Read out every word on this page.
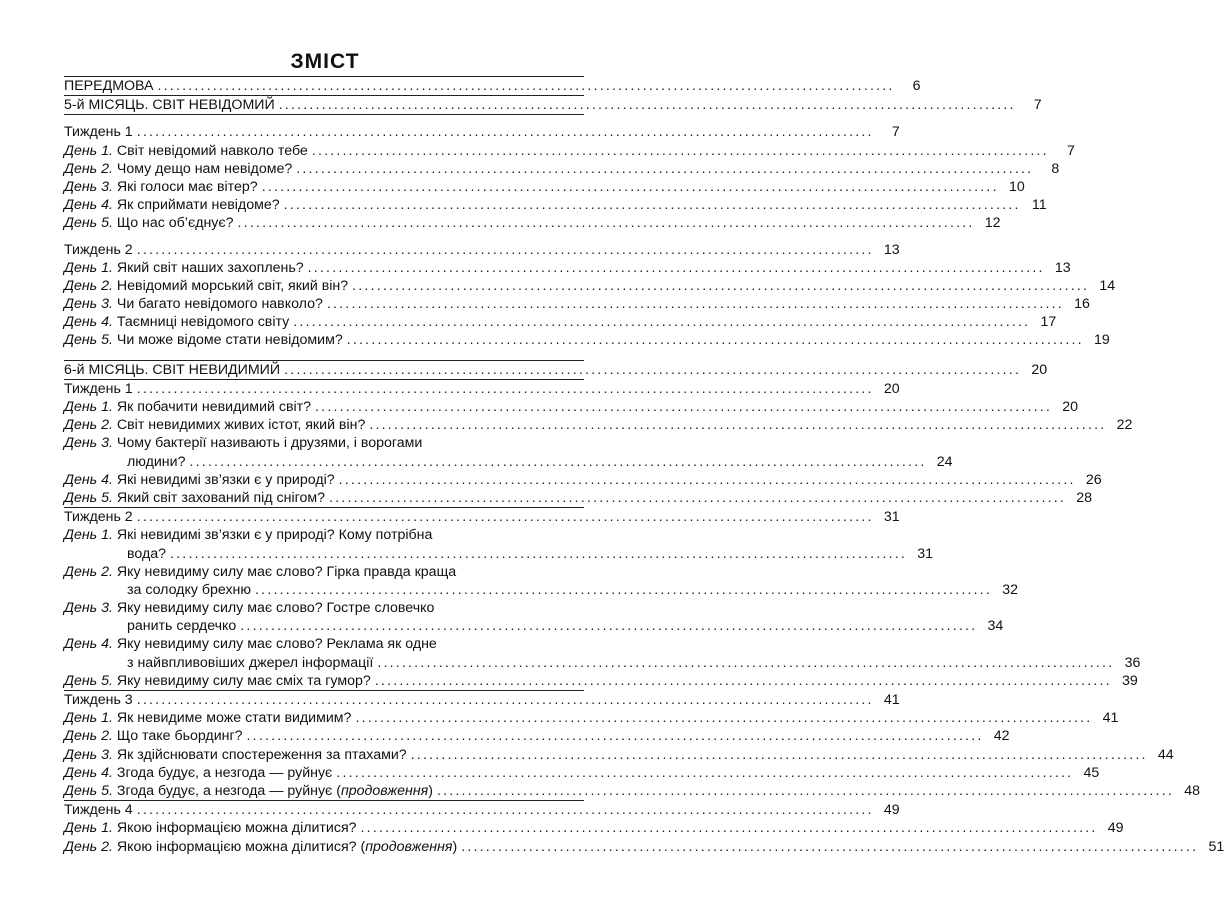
ЗМІСТ
ПЕРЕДМОВА ........................................................................................................................	6
5-й МІСЯЦЬ. СВІТ НЕВІДОМИЙ ........................................................................................................................	7
Тиждень 1 ........................................................................................................................	7
День 1. Світ невідомий навколо тебе ........................................................................................................................	7
День 2. Чому дещо нам невідоме? ........................................................................................................................	8
День 3. Які голоси має вітер? ........................................................................................................................ 10
День 4. Як сприймати невідоме? ........................................................................................................................ 11
День 5. Що нас об’єднує? ........................................................................................................................ 12
Тиждень 2 ........................................................................................................................ 13
День 1. Який світ наших захоплень? ........................................................................................................................ 13
День 2. Невідомий морський світ, який він? ........................................................................................................................ 14
День 3. Чи багато невідомого навколо? ........................................................................................................................ 16
День 4. Таємниці невідомого світу ........................................................................................................................ 17
День 5. Чи може відоме стати невідомим? ........................................................................................................................ 19
6-й МІСЯЦЬ. СВІТ НЕВИДИМИЙ ........................................................................................................................ 20
Тиждень 1 ........................................................................................................................ 20
День 1. Як побачити невидимий світ? ........................................................................................................................ 20
День 2. Світ невидимих живих істот, який він? ........................................................................................................................ 22
День 3. Чому бактерії називають і друзями, і ворогами
людини? ........................................................................................................................ 24
День 4. Які невидимі зв’язки є у природі? ........................................................................................................................ 26
День 5. Який світ захований під снігом? ........................................................................................................................ 28
Тиждень 2 ........................................................................................................................ 31
День 1. Які невидимі зв’язки є у природі? Кому потрібна
вода? ........................................................................................................................ 31
День 2. Яку невидиму силу має слово? Гірка правда краща
за солодку брехню ........................................................................................................................ 32
День 3. Яку невидиму силу має слово? Гостре словечко
ранить сердечко ........................................................................................................................ 34
День 4. Яку невидиму силу має слово? Реклама як одне
з найвпливовіших джерел інформації ........................................................................................................................ 36
День 5. Яку невидиму силу має сміх та гумор? ........................................................................................................................ 39
Тиждень 3 ........................................................................................................................ 41
День 1. Як невидиме може стати видимим? ........................................................................................................................ 41
День 2. Що таке бьординг? ........................................................................................................................ 42
День 3. Як здійснювати спостереження за птахами? ........................................................................................................................ 44
День 4. Згода будує, а незгода — руйнує ........................................................................................................................ 45
День 5. Згода будує, а незгода — руйнує (продовження) ........................................................................................................................ 48
Тиждень 4 ........................................................................................................................ 49
День 1. Якою інформацією можна ділитися? ........................................................................................................................ 49
День 2. Якою інформацією можна ділитися? (продовження) ........................................................................................................................ 51
